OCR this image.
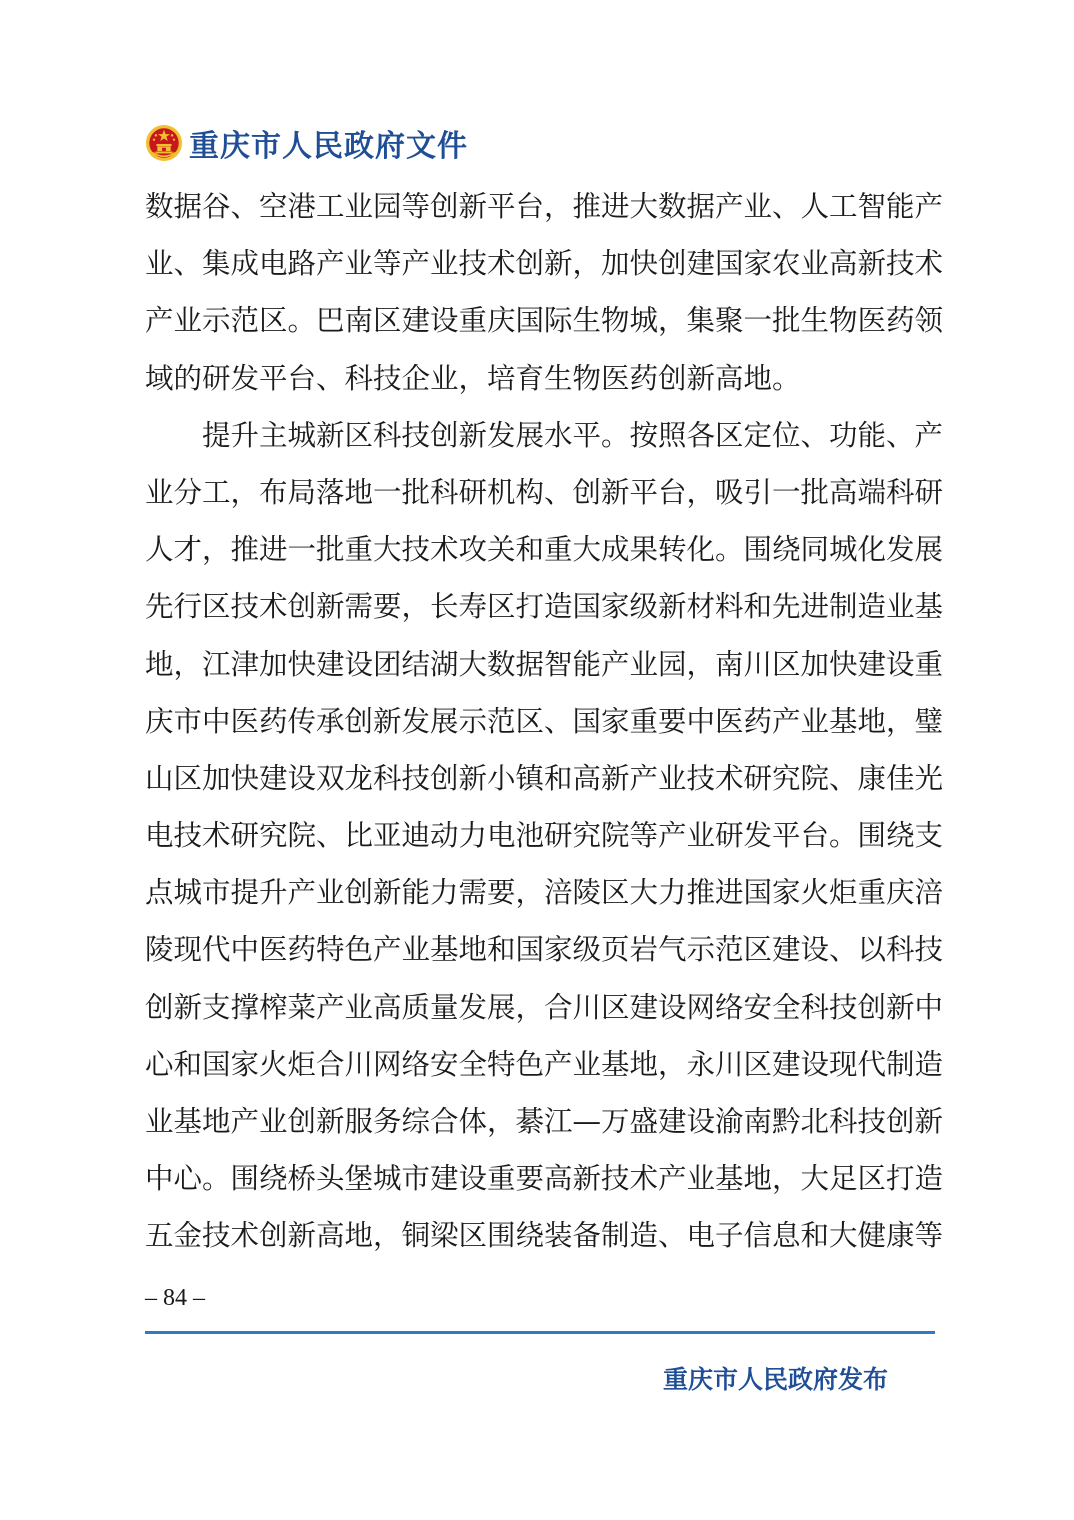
重庆市人民政府文件
数据谷、空港工业园等创新平台，推进大数据产业、人工智能产
业、集成电路产业等产业技术创新，加快创建国家农业高新技术
产业示范区。巴南区建设重庆国际生物城，集聚一批生物医药领
域的研发平台、科技企业，培育生物医药创新高地。
　　提升主城新区科技创新发展水平。按照各区定位、功能、产
业分工，布局落地一批科研机构、创新平台，吸引一批高端科研
人才，推进一批重大技术攻关和重大成果转化。围绕同城化发展
先行区技术创新需要，长寿区打造国家级新材料和先进制造业基
地，江津加快建设团结湖大数据智能产业园，南川区加快建设重
庆市中医药传承创新发展示范区、国家重要中医药产业基地，璧
山区加快建设双龙科技创新小镇和高新产业技术研究院、康佳光
电技术研究院、比亚迪动力电池研究院等产业研发平台。围绕支
点城市提升产业创新能力需要，涪陵区大力推进国家火炬重庆涪
陵现代中医药特色产业基地和国家级页岩气示范区建设、以科技
创新支撑榨菜产业高质量发展，合川区建设网络安全科技创新中
心和国家火炬合川网络安全特色产业基地，永川区建设现代制造
业基地产业创新服务综合体，綦江—万盛建设渝南黔北科技创新
中心。围绕桥头堡城市建设重要高新技术产业基地，大足区打造
五金技术创新高地，铜梁区围绕装备制造、电子信息和大健康等
– 84 –
重庆市人民政府发布
